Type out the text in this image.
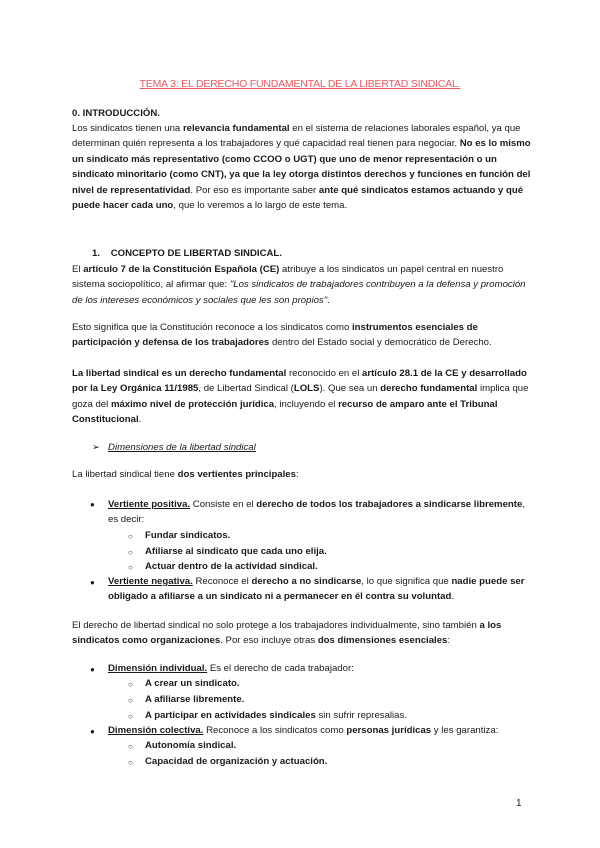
TEMA 3: EL DERECHO FUNDAMENTAL DE LA LIBERTAD SINDICAL.
0. INTRODUCCIÓN.
Los sindicatos tienen una relevancia fundamental en el sistema de relaciones laborales español, ya que determinan quién representa a los trabajadores y qué capacidad real tienen para negociar. No es lo mismo un sindicato más representativo (como CCOO o UGT) que uno de menor representación o un sindicato minoritario (como CNT), ya que la ley otorga distintos derechos y funciones en función del nivel de representatividad. Por eso es importante saber ante qué sindicatos estamos actuando y qué puede hacer cada uno, que lo veremos a lo largo de este tema.
1. CONCEPTO DE LIBERTAD SINDICAL.
El artículo 7 de la Constitución Española (CE) atribuye a los sindicatos un papel central en nuestro sistema sociopolítico, al afirmar que: "Los sindicatos de trabajadores contribuyen a la defensa y promoción de los intereses económicos y sociales que les son propios".
Esto significa que la Constitución reconoce a los sindicatos como instrumentos esenciales de participación y defensa de los trabajadores dentro del Estado social y democrático de Derecho.
La libertad sindical es un derecho fundamental reconocido en el artículo 28.1 de la CE y desarrollado por la Ley Orgánica 11/1985, de Libertad Sindical (LOLS). Que sea un derecho fundamental implica que goza del máximo nivel de protección jurídica, incluyendo el recurso de amparo ante el Tribunal Constitucional.
➢ Dimensiones de la libertad sindical
La libertad sindical tiene dos vertientes principales:
● Vertiente positiva. Consiste en el derecho de todos los trabajadores a sindicarse libremente, es decir:
○ Fundar sindicatos.
○ Afiliarse al sindicato que cada uno elija.
○ Actuar dentro de la actividad sindical.
● Vertiente negativa. Reconoce el derecho a no sindicarse, lo que significa que nadie puede ser obligado a afiliarse a un sindicato ni a permanecer en él contra su voluntad.
El derecho de libertad sindical no solo protege a los trabajadores individualmente, sino también a los sindicatos como organizaciones. Por eso incluye otras dos dimensiones esenciales:
● Dimensión individual. Es el derecho de cada trabajador:
○ A crear un sindicato.
○ A afiliarse libremente.
○ A participar en actividades sindicales sin sufrir represalias.
● Dimensión colectiva. Reconoce a los sindicatos como personas jurídicas y les garantiza:
○ Autonomía sindical.
○ Capacidad de organización y actuación.
1
